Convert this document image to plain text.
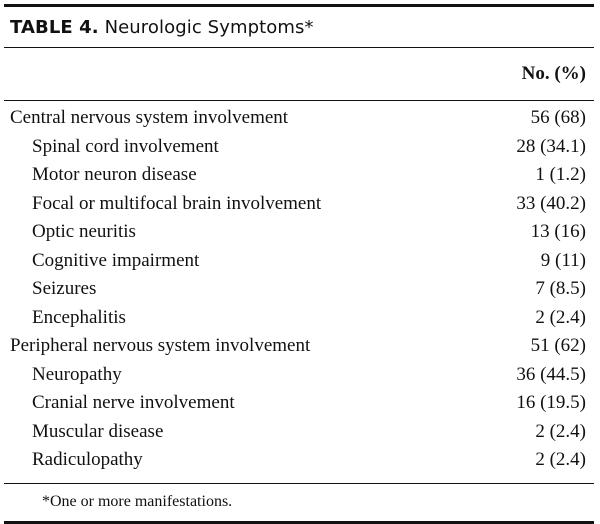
TABLE 4.
Neurologic Symptoms*
No. (%)
Central nervous system involvement	56 (68)
Spinal cord involvement	28 (34.1)
Motor neuron disease	1 (1.2)
Focal or multifocal brain involvement	33 (40.2)
Optic neuritis	13 (16)
Cognitive impairment	9 (11)
Seizures	7 (8.5)
Encephalitis	2 (2.4)
Peripheral nervous system involvement	51 (62)
Neuropathy	36 (44.5)
Cranial nerve involvement	16 (19.5)
Muscular disease	2 (2.4)
Radiculopathy	2 (2.4)
*One or more manifestations.
